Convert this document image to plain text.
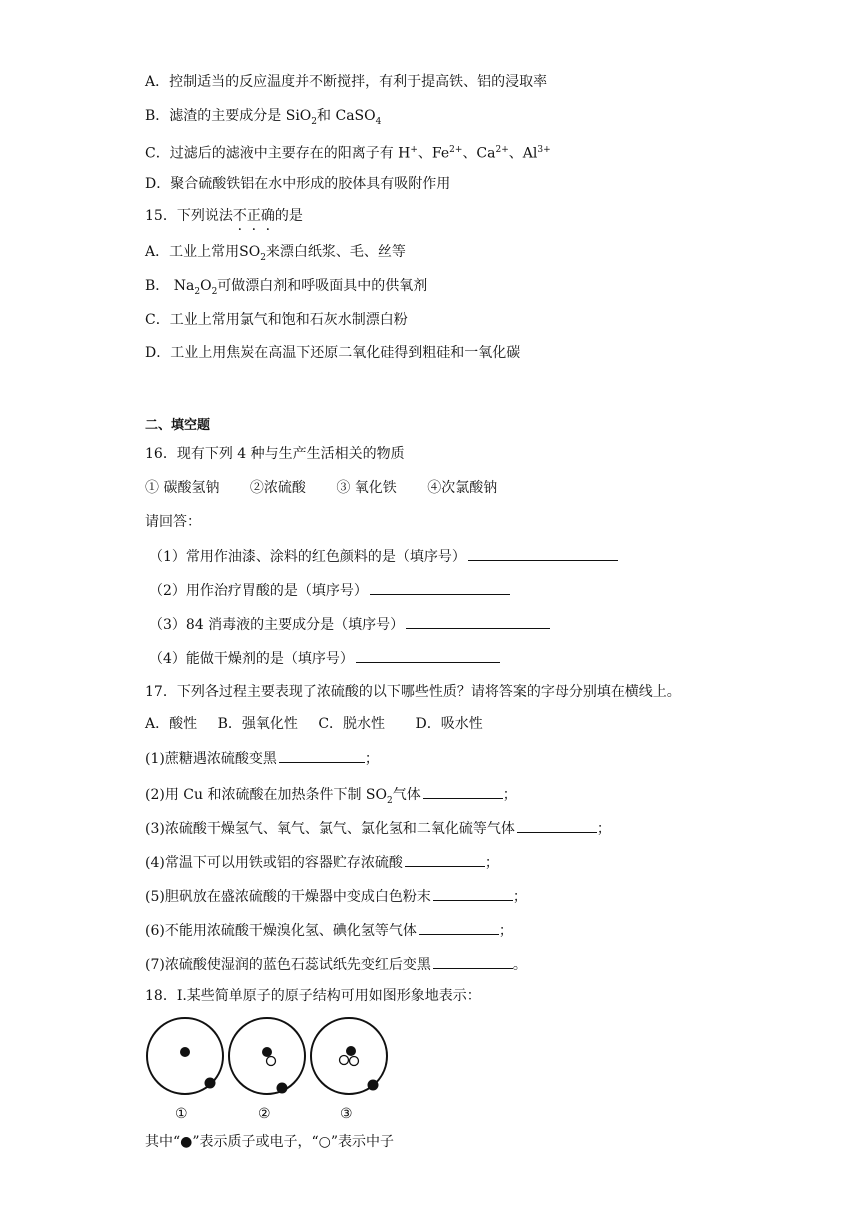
A．控制适当的反应温度并不断搅拌，有利于提高铁、铝的浸取率
B．滤渣的主要成分是 SiO$_2$和 CaSO$_4$
C．过滤后的滤液中主要存在的阳离子有 H+、$Fe^{2+}$、$Ca^{2+}$、$Al^{3+}$
D．聚合硫酸铁铝在水中形成的胶体具有吸附作用
15．下列说法不正确的是
A．工业上常用$SO_2$来漂白纸浆、毛、丝等
B． $Na_2O_2$可做漂白剂和呼吸面具中的供氧剂
C．工业上常用氯气和饱和石灰水制漂白粉
D．工业上用焦炭在高温下还原二氧化硅得到粗硅和一氧化碳
二、填空题
16．现有下列 4 种与生产生活相关的物质
① 碳酸氢钠 ②浓硫酸 ③ 氧化铁 ④次氯酸钠
请回答：
（1）常用作油漆、涂料的红色颜料的是（填序号）
（2）用作治疗胃酸的是（填序号）
（3）84 消毒液的主要成分是（填序号）
（4）能做干燥剂的是（填序号）
17．下列各过程主要表现了浓硫酸的以下哪些性质？请将答案的字母分别填在横线上。
A．酸性 B．强氧化性 C．脱水性 D．吸水性
(1)蔗糖遇浓硫酸变黑	；
(2)用 Cu 和浓硫酸在加热条件下制 $SO_2$气体	；
(3)浓硫酸干燥氢气、氧气、氯气、氯化氢和二氧化硫等气体	；
(4)常温下可以用铁或铝的容器贮存浓硫酸	；
(5)胆矾放在盛浓硫酸的干燥器中变成白色粉末	；
(6)不能用浓硫酸干燥溴化氢、碘化氢等气体	；
(7)浓硫酸使湿润的蓝色石蕊试纸先变红后变黑	。
18．I.某些简单原子的原子结构可用如图形象地表示：
①	②	③
其中“●”表示质子或电子，“○”表示中子
